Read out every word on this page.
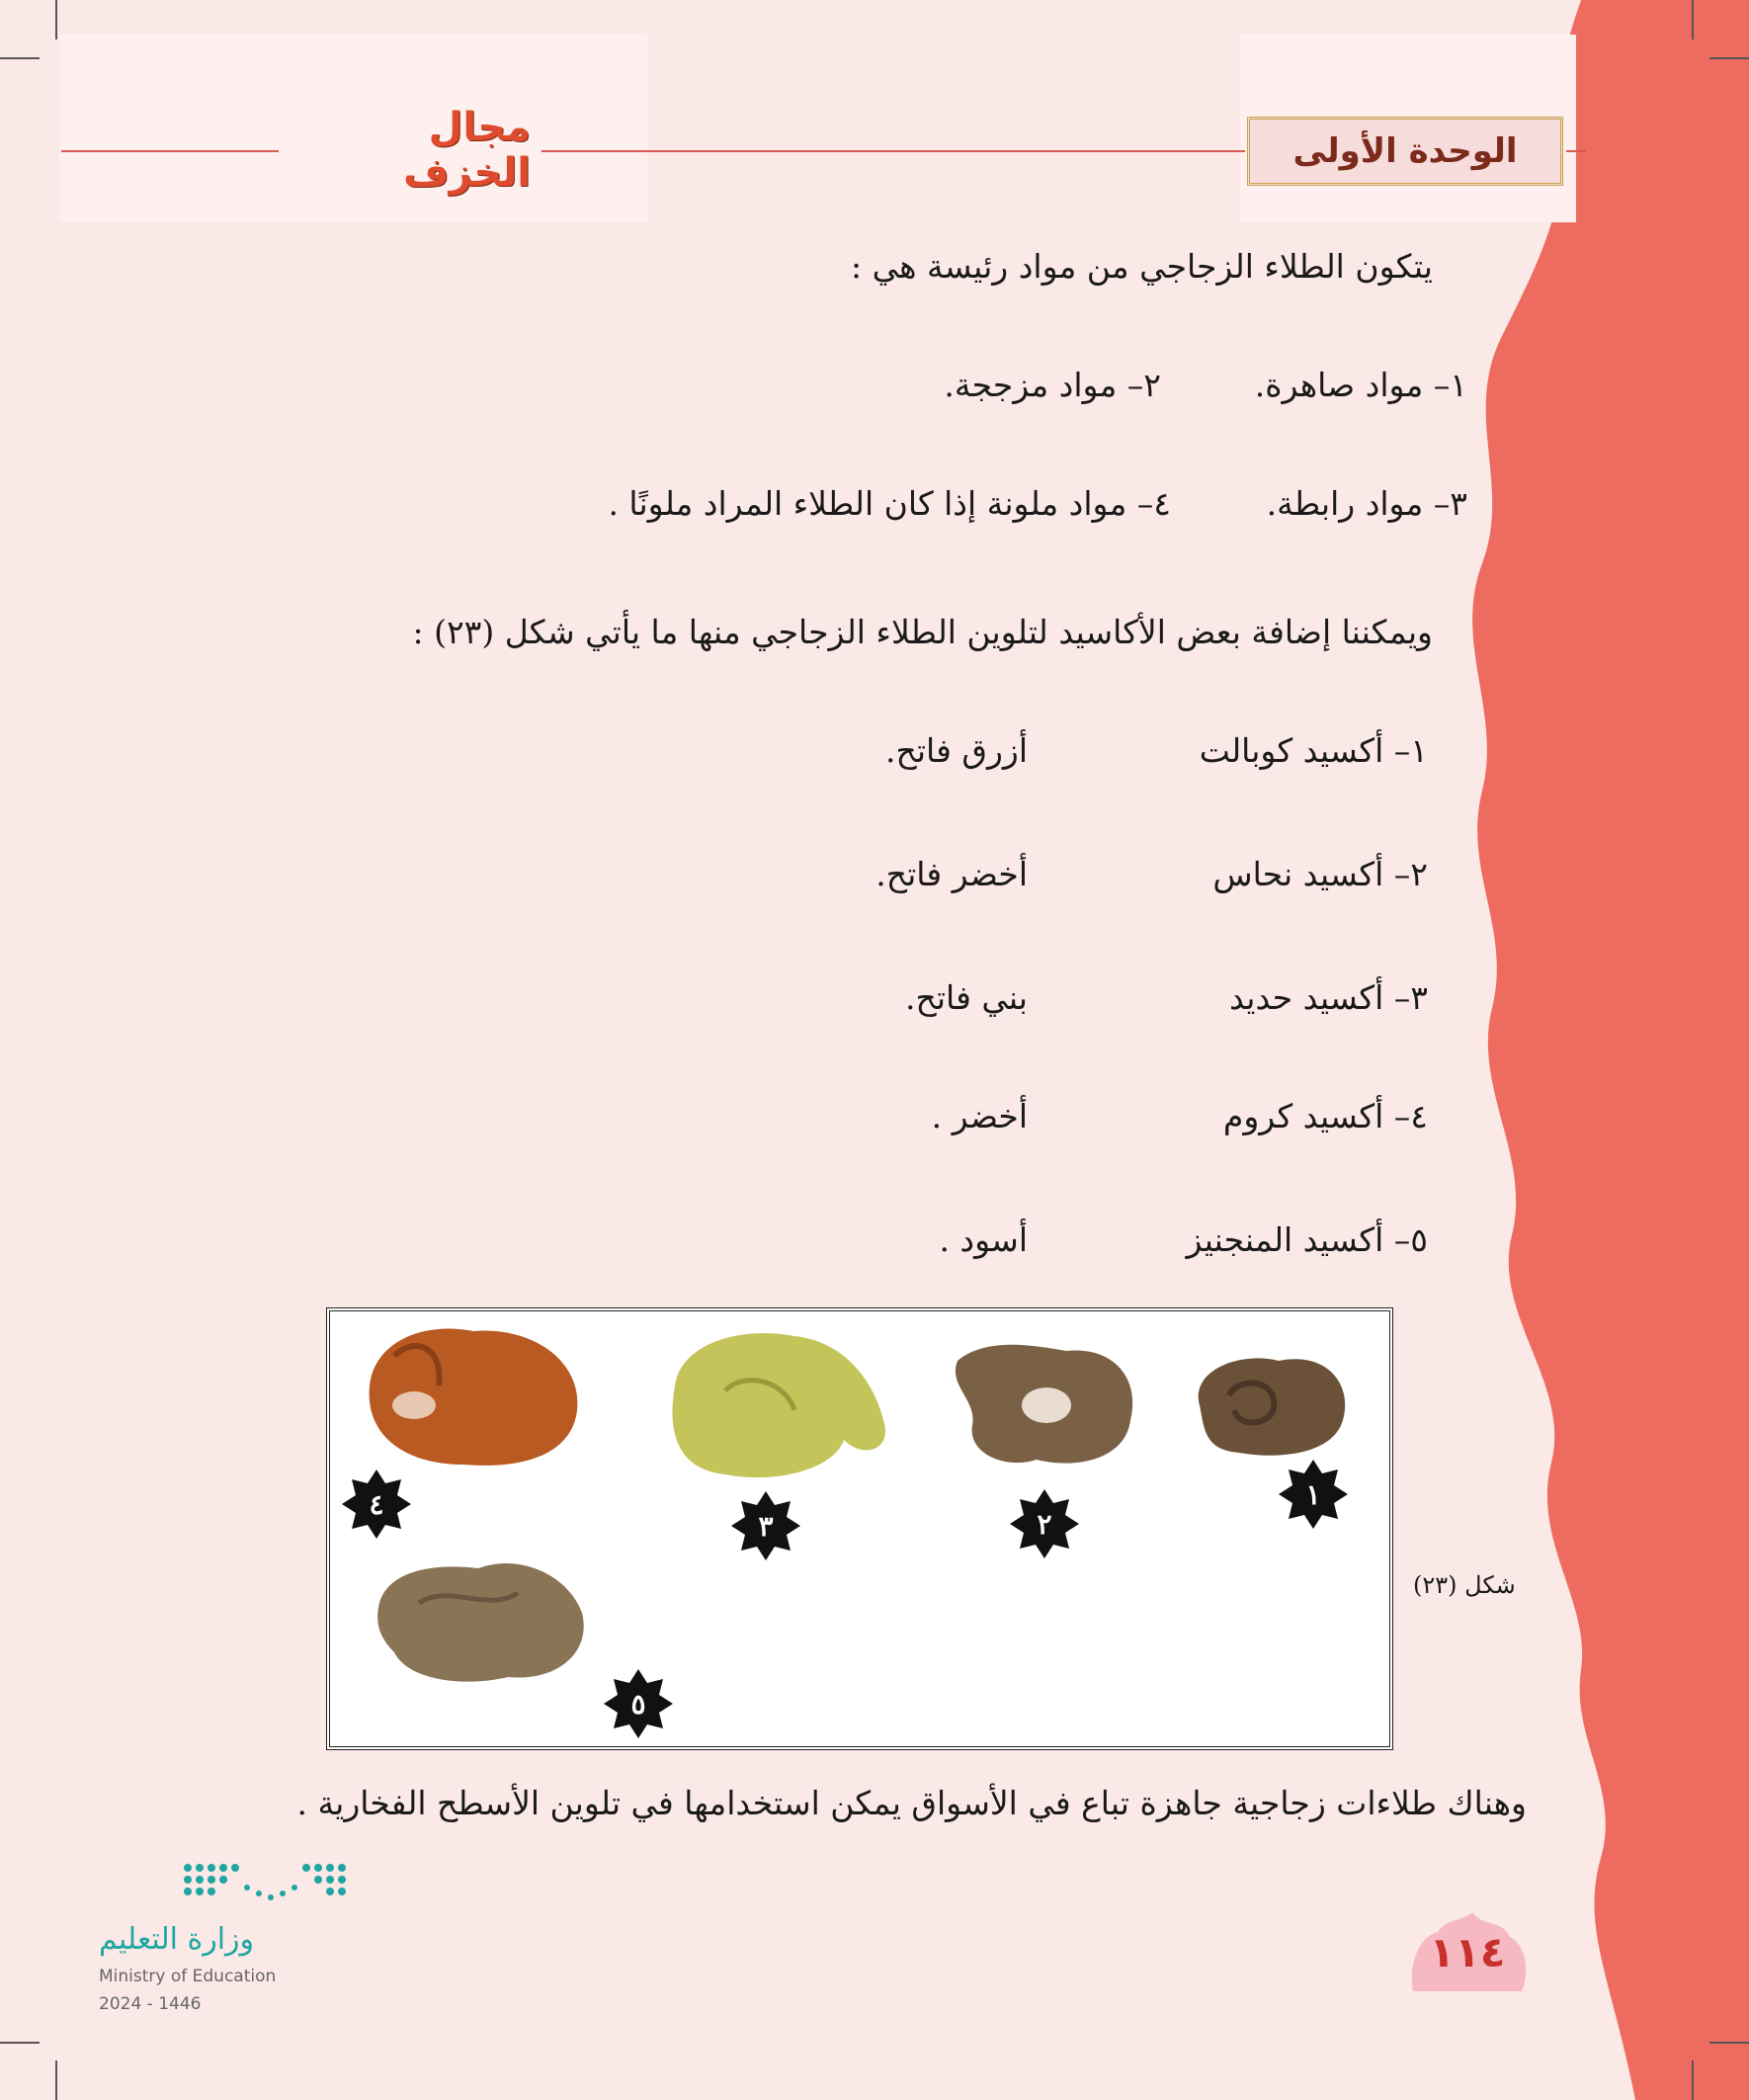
الوحدة الأولى
مجال الخزف
يتكون الطلاء الزجاجي من مواد رئيسة هي :
١– مواد صاهرة.
٢– مواد مزججة.
٣– مواد رابطة.
٤– مواد ملونة إذا كان الطلاء المراد ملونًا .
ويمكننا إضافة بعض الأكاسيد لتلوين الطلاء الزجاجي منها ما يأتي شكل (٢٣) :
١– أكسيد كوبالت
أزرق فاتح.
٢– أكسيد نحاس
أخضر فاتح.
٣– أكسيد حديد
بني فاتح.
٤– أكسيد كروم
أخضر .
٥– أكسيد المنجنيز
أسود .
١
٢
٣
٤
٥
شكل (٢٣)
وهناك طلاءات زجاجية جاهزة تباع في الأسواق يمكن استخدامها في تلوين الأسطح الفخارية .
وزارة التعليم
Ministry of Education
2024 - 1446
١١٤
